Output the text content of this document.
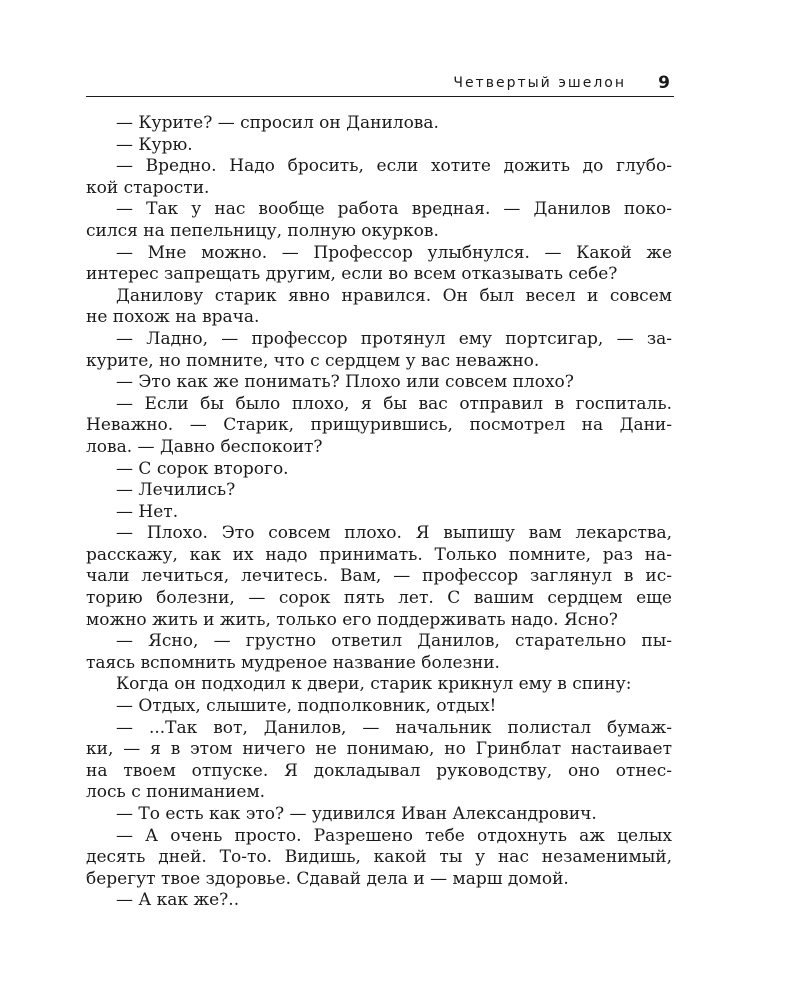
Четвертый эшелон 9
— Курите? — спросил он Данилова.
— Курю.
— Вредно. Надо бросить, если хотите дожить до глубо-
кой старости.
— Так у нас вообще работа вредная. — Данилов поко-
сился на пепельницу, полную окурков.
— Мне можно. — Профессор улыбнулся. — Какой же
интерес запрещать другим, если во всем отказывать себе?
Данилову старик явно нравился. Он был весел и совсем
не похож на врача.
— Ладно, — профессор протянул ему портсигар, — за-
курите, но помните, что с сердцем у вас неважно.
— Это как же понимать? Плохо или совсем плохо?
— Если бы было плохо, я бы вас отправил в госпиталь.
Неважно. — Старик, прищурившись, посмотрел на Дани-
лова. — Давно беспокоит?
— С сорок второго.
— Лечились?
— Нет.
— Плохо. Это совсем плохо. Я выпишу вам лекарства,
расскажу, как их надо принимать. Только помните, раз на-
чали лечиться, лечитесь. Вам, — профессор заглянул в ис-
торию болезни, — сорок пять лет. С вашим сердцем еще
можно жить и жить, только его поддерживать надо. Ясно?
— Ясно, — грустно ответил Данилов, старательно пы-
таясь вспомнить мудреное название болезни.
Когда он подходил к двери, старик крикнул ему в спину:
— Отдых, слышите, подполковник, отдых!
— ...Так вот, Данилов, — начальник полистал бумаж-
ки, — я в этом ничего не понимаю, но Гринблат настаивает
на твоем отпуске. Я докладывал руководству, оно отнес-
лось с пониманием.
— То есть как это? — удивился Иван Александрович.
— А очень просто. Разрешено тебе отдохнуть аж целых
десять дней. То-то. Видишь, какой ты у нас незаменимый,
берегут твое здоровье. Сдавай дела и — марш домой.
— А как же?..
